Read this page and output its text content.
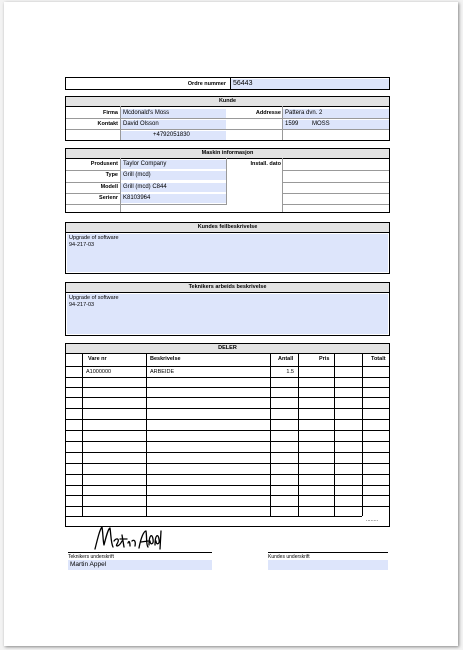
Ordre nummer 56443
Kunde
Firma Mcdonald's Moss	Addresse Pattera dvn. 2
Kontakt David Olsson	1599	MOSS
+4792051830
Maskin informasjon
Produsent Taylor Company	Install. dato
Type Grill (mcd)
Modell Grill (mcd) C844
Serienr K8103964
Kundes feilbeskrivelse
Upgrade of software
94-217-03
Teknikers arbeids beskrivelse
Upgrade of software
94-217-03
DELER
Vare nr	Beskrivelse	Antall	Pris	Totalt
A1000000	ARBEIDE	1.5
........
Teknikers underskrift
Martin Appel
Kundes underskrift
